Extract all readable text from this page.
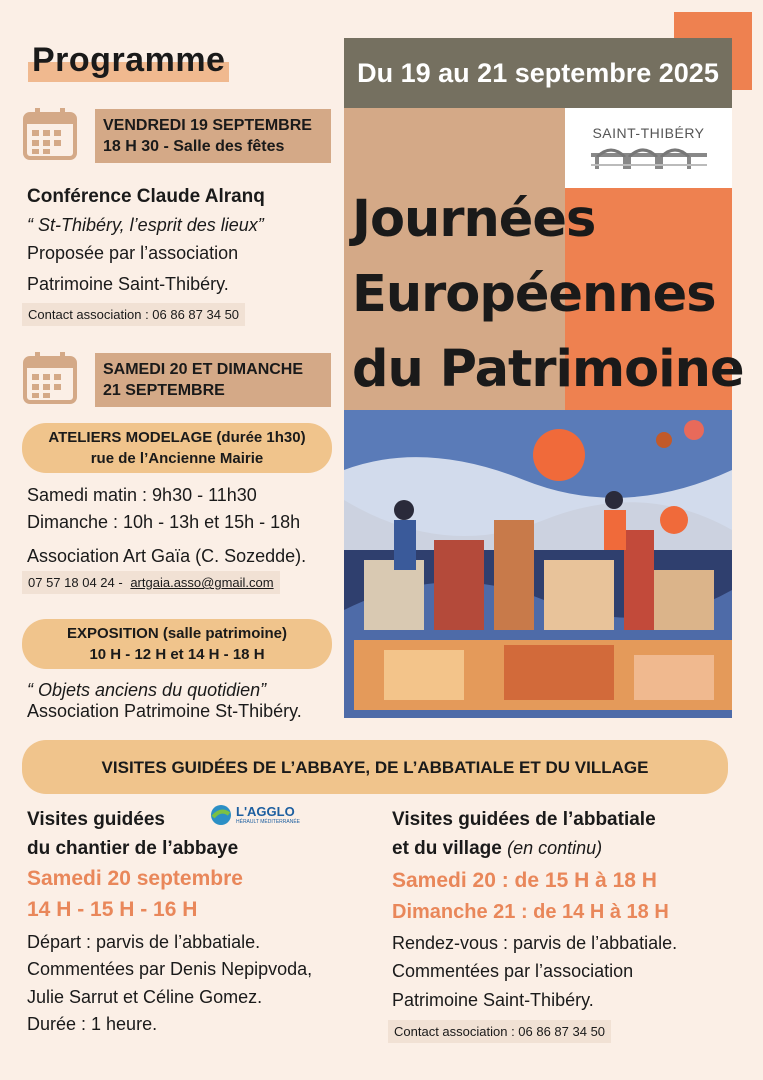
Programme	Du 19 au 21 septembre 2025
SAINT-THIBÉRY
Journées
Européennes
du Patrimoine
VENDREDI 19 SEPTEMBRE
18 H 30 - Salle des fêtes
Conférence Claude Alranq
“ St-Thibéry, l’esprit des lieux”
Proposée par l’association
Patrimoine Saint-Thibéry.
Contact association : 06 86 87 34 50
SAMEDI 20 ET DIMANCHE
21 SEPTEMBRE
ATELIERS MODELAGE (durée 1h30)
rue de l’Ancienne Mairie
Samedi matin : 9h30 - 11h30
Dimanche : 10h - 13h et 15h - 18h
Association Art Gaïa (C. Sozedde).
07 57 18 04 24 - artgaia.asso@gmail.com
EXPOSITION (salle patrimoine)
10 H - 12 H et 14 H - 18 H
“ Objets anciens du quotidien”
Association Patrimoine St-Thibéry.
VISITES GUIDÉES DE L’ABBAYE, DE L’ABBATIALE ET DU VILLAGE
Visites guidées
du chantier de l’abbaye
L'AGGLO
HÉRAULT MÉDITERRANÉE
Samedi 20 septembre
14 H - 15 H - 16 H
Départ : parvis de l’abbatiale.
Commentées par Denis Nepipvoda,
Julie Sarrut et Céline Gomez.
Durée : 1 heure.
Visites guidées de l’abbatiale
et du village (en continu)
Samedi 20 : de 15 H à 18 H
Dimanche 21 : de 14 H à 18 H
Rendez-vous : parvis de l’abbatiale.
Commentées par l’association
Patrimoine Saint-Thibéry.
Contact association : 06 86 87 34 50
